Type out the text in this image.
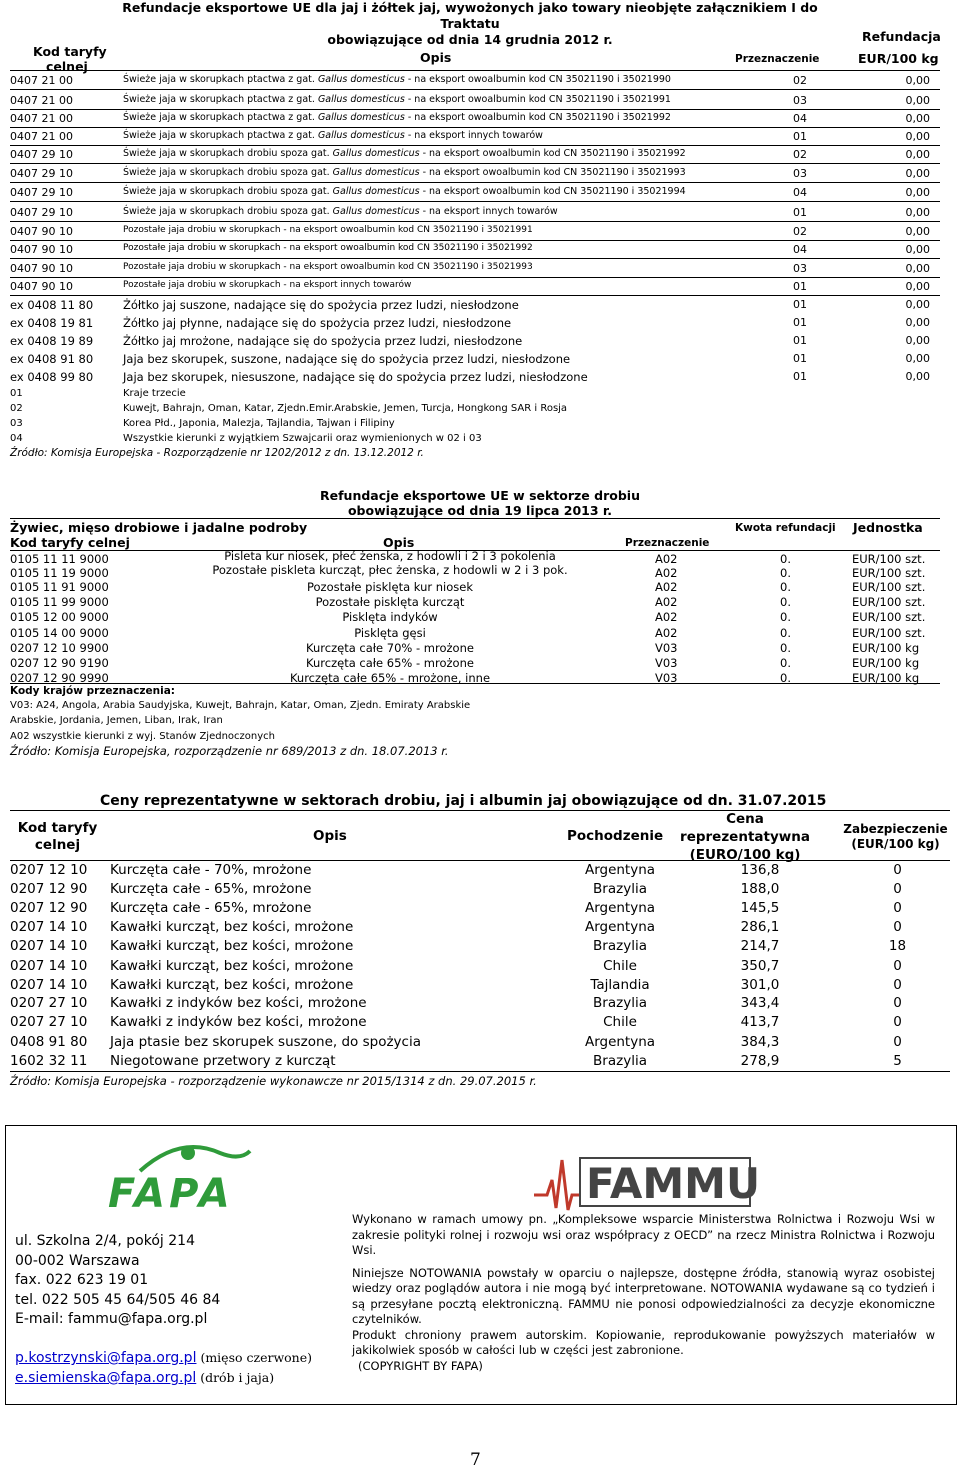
Refundacje eksportowe UE dla jaj i żółtek jaj, wywożonych jako towary nieobjęte załącznikiem I do Traktatu
obowiązujące od dnia 14 grudnia 2012 r.
Kod taryfy
celnej
Opis	Przeznaczenie
Refundacja
EUR/100 kg
0407 21 00	Świeże jaja w skorupkach ptactwa z gat. Gallus domesticus - na eksport owoalbumin kod CN 35021190 i 35021990	02	0,00
0407 21 00	Świeże jaja w skorupkach ptactwa z gat. Gallus domesticus - na eksport owoalbumin kod CN 35021190 i 35021991	03	0,00
0407 21 00	Świeże jaja w skorupkach ptactwa z gat. Gallus domesticus - na eksport owoalbumin kod CN 35021190 i 35021992	04	0,00
0407 21 00	Świeże jaja w skorupkach ptactwa z gat. Gallus domesticus - na eksport innych towarów	01	0,00
0407 29 10	Świeże jaja w skorupkach drobiu spoza gat. Gallus domesticus - na eksport owoalbumin kod CN 35021190 i 35021992	02	0,00
0407 29 10	Świeże jaja w skorupkach drobiu spoza gat. Gallus domesticus - na eksport owoalbumin kod CN 35021190 i 35021993	03	0,00
0407 29 10	Świeże jaja w skorupkach drobiu spoza gat. Gallus domesticus - na eksport owoalbumin kod CN 35021190 i 35021994	04	0,00
0407 29 10	Świeże jaja w skorupkach drobiu spoza gat. Gallus domesticus - na eksport innych towarów	01	0,00
0407 90 10	Pozostałe jaja drobiu w skorupkach - na eksport owoalbumin kod CN 35021190 i 35021991	02	0,00
0407 90 10	Pozostałe jaja drobiu w skorupkach - na eksport owoalbumin kod CN 35021190 i 35021992	04	0,00
0407 90 10	Pozostałe jaja drobiu w skorupkach - na eksport owoalbumin kod CN 35021190 i 35021993	03	0,00
0407 90 10	Pozostałe jaja drobiu w skorupkach - na eksport innych towarów	01	0,00
ex 0408 11 80	Żółtko jaj suszone, nadające się do spożycia przez ludzi, niesłodzone	01	0,00
ex 0408 19 81	Żółtko jaj płynne, nadające się do spożycia przez ludzi, niesłodzone	01	0,00
ex 0408 19 89	Żółtko jaj mrożone, nadające się do spożycia przez ludzi, niesłodzone	01	0,00
ex 0408 91 80	Jaja bez skorupek, suszone, nadające się do spożycia przez ludzi, niesłodzone	01	0,00
ex 0408 99 80	Jaja bez skorupek, niesuszone, nadające się do spożycia przez ludzi, niesłodzone	01	0,00
01	Kraje trzecie
02	Kuwejt, Bahrajn, Oman, Katar, Zjedn.Emir.Arabskie, Jemen, Turcja, Hongkong SAR i Rosja
03	Korea Płd., Japonia, Malezja, Tajlandia, Tajwan i Filipiny
04	Wszystkie kierunki z wyjątkiem Szwajcarii oraz wymienionych w 02 i 03
Źródło: Komisja Europejska - Rozporządzenie nr 1202/2012 z dn. 13.12.2012 r.
Refundacje eksportowe UE w sektorze drobiu
obowiązujące od dnia 19 lipca 2013 r.
Żywiec, mięso drobiowe i jadalne podroby	Kwota refundacji Jednostka
Kod taryfy celnej	Opis	Przeznaczenie
0105 11 11 9000	Pisleta kur niosek, płeć żenska, z hodowli i 2 i 3 pokolenia	A02	0.	EUR/100 szt.
0105 11 19 9000	Pozostałe piskleta kurcząt, płec żenska, z hodowli w 2 i 3 pok.	A02	0.	EUR/100 szt.
0105 11 91 9000	Pozostałe pisklęta kur niosek	A02	0.	EUR/100 szt.
0105 11 99 9000	Pozostałe pisklęta kurcząt	A02	0.	EUR/100 szt.
0105 12 00 9000	Pisklęta indyków	A02	0.	EUR/100 szt.
0105 14 00 9000	Pisklęta gęsi	A02	0.	EUR/100 szt.
0207 12 10 9900	Kurczęta całe 70% - mrożone	V03	0.	EUR/100 kg
0207 12 90 9190	Kurczęta całe 65% - mrożone	V03	0.	EUR/100 kg
0207 12 90 9990	Kurczęta całe 65% - mrożone, inne	V03	0.	EUR/100 kg
Kody krajów przeznaczenia:
V03: A24, Angola, Arabia Saudyjska, Kuwejt, Bahrajn, Katar, Oman, Zjedn. Emiraty Arabskie
Arabskie, Jordania, Jemen, Liban, Irak, Iran
A02 wszystkie kierunki z wyj. Stanów Zjednoczonych
Źródło: Komisja Europejska, rozporządzenie nr 689/2013 z dn. 18.07.2013 r.
Ceny reprezentatywne w sektorach drobiu, jaj i albumin jaj obowiązujące od dn. 31.07.2015
Kod taryfy
celnej
Opis	Pochodzenie
Cena
reprezentatywna
(EURO/100 kg)
Zabezpieczenie
(EUR/100 kg)
0207 12 10 Kurczęta całe - 70%, mrożone	Argentyna	136,8	0
0207 12 90 Kurczęta całe - 65%, mrożone	Brazylia	188,0	0
0207 12 90 Kurczęta całe - 65%, mrożone	Argentyna	145,5	0
0207 14 10 Kawałki kurcząt, bez kości, mrożone	Argentyna	286,1	0
0207 14 10 Kawałki kurcząt, bez kości, mrożone	Brazylia	214,7	18
0207 14 10 Kawałki kurcząt, bez kości, mrożone	Chile	350,7	0
0207 14 10 Kawałki kurcząt, bez kości, mrożone	Tajlandia	301,0	0
0207 27 10 Kawałki z indyków bez kości, mrożone	Brazylia	343,4	0
0207 27 10 Kawałki z indyków bez kości, mrożone	Chile	413,7	0
0408 91 80 Jaja ptasie bez skorupek suszone, do spożycia	Argentyna	384,3	0
1602 32 11 Niegotowane przetwory z kurcząt	Brazylia	278,9	5
Źródło: Komisja Europejska - rozporządzenie wykonawcze nr 2015/1314 z dn. 29.07.2015 r.
FAPA	FAMMU
ul. Szkolna 2/4, pokój 214
00-002 Warszawa
fax. 022 623 19 01
tel. 022 505 45 64/505 46 84
E-mail: fammu@fapa.org.pl
p.kostrzynski@fapa.org.pl (mięso czerwone)
e.siemienska@fapa.org.pl (drób i jaja)
Wykonano w ramach umowy pn. „Kompleksowe wsparcie Ministerstwa Rolnictwa i Rozwoju Wsi w zakresie polityki rolnej i rozwoju wsi oraz współpracy z OECD” na rzecz Ministra Rolnictwa i Rozwoju Wsi.
Niniejsze NOTOWANIA powstały w oparciu o najlepsze, dostępne źródła, stanowią wyraz osobistej wiedzy oraz poglądów autora i nie mogą być interpretowane. NOTOWANIA wydawane są co tydzień i są przesyłane pocztą elektroniczną. FAMMU nie ponosi odpowiedzialności za decyzje ekonomiczne czytelników.
Produkt chroniony prawem autorskim. Kopiowanie, reprodukowanie powyższych materiałów w jakikolwiek sposób w całości lub w części jest zabronione.
(COPYRIGHT BY FAPA)
7
